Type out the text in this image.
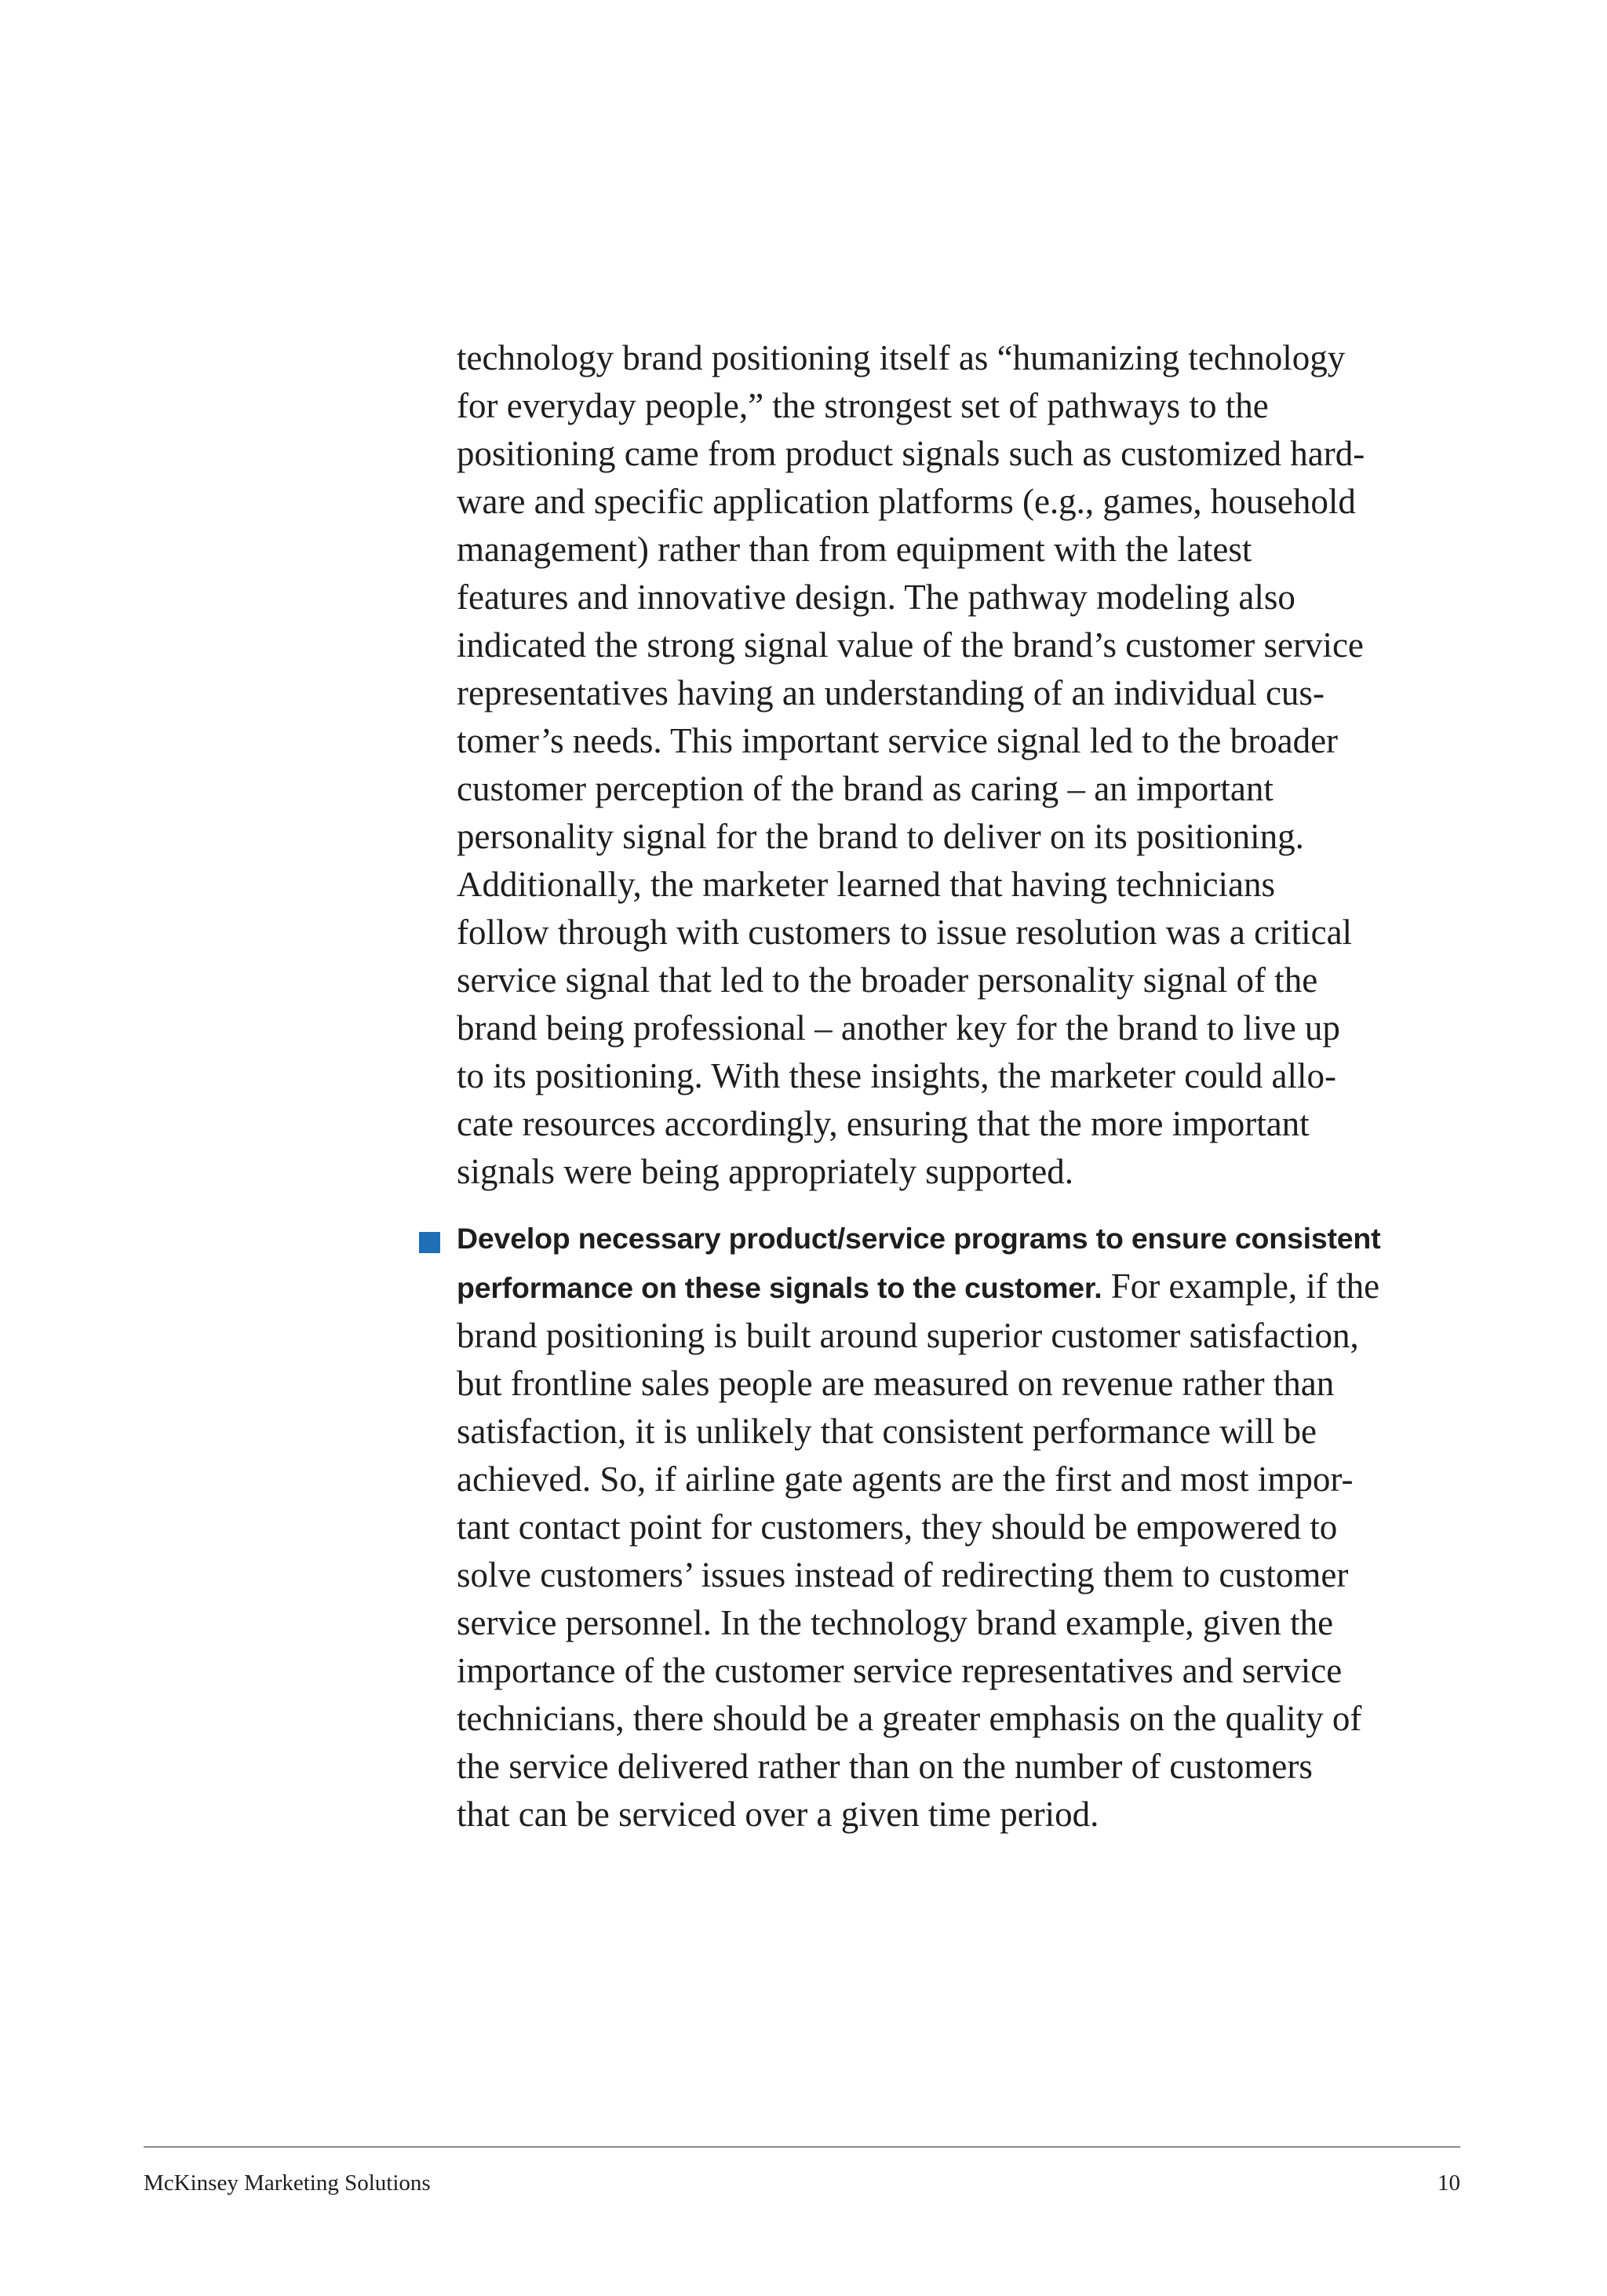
technology brand positioning itself as “humanizing technology
for everyday people,” the strongest set of pathways to the
positioning came from product signals such as customized hard-
ware and specific application platforms (e.g., games, household
management) rather than from equipment with the latest
features and innovative design. The pathway modeling also
indicated the strong signal value of the brand’s customer service
representatives having an understanding of an individual cus-
tomer’s needs. This important service signal led to the broader
customer perception of the brand as caring – an important
personality signal for the brand to deliver on its positioning.
Additionally, the marketer learned that having technicians
follow through with customers to issue resolution was a critical
service signal that led to the broader personality signal of the
brand being professional – another key for the brand to live up
to its positioning. With these insights, the marketer could allo-
cate resources accordingly, ensuring that the more important
signals were being appropriately supported.

Develop necessary product/service programs to ensure consistent
performance on these signals to the customer. For example, if the
brand positioning is built around superior customer satisfaction,
but frontline sales people are measured on revenue rather than
satisfaction, it is unlikely that consistent performance will be
achieved. So, if airline gate agents are the first and most impor-
tant contact point for customers, they should be empowered to
solve customers’ issues instead of redirecting them to customer
service personnel. In the technology brand example, given the
importance of the customer service representatives and service
technicians, there should be a greater emphasis on the quality of
the service delivered rather than on the number of customers
that can be serviced over a given time period.

McKinsey Marketing Solutions	10
